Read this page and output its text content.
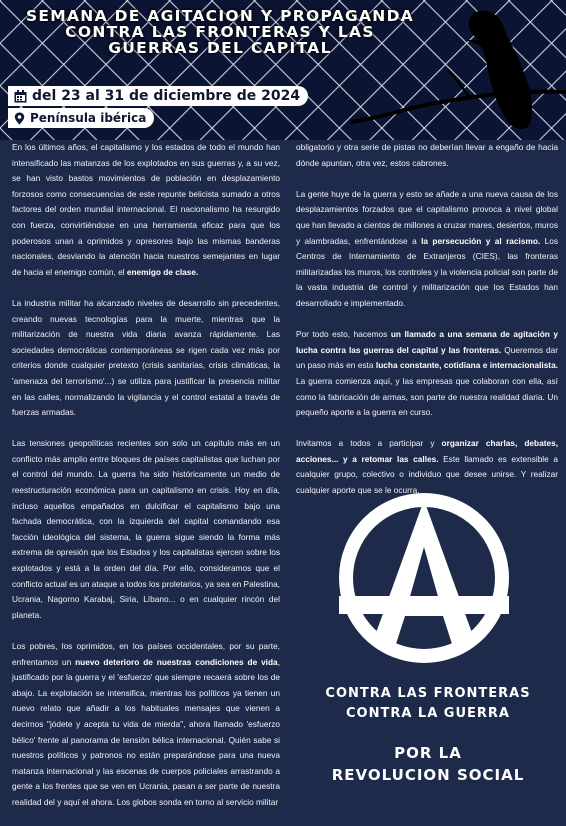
SEMANA DE AGITACION Y PROPAGANDA
CONTRA LAS FRONTERAS Y LAS
GUERRAS DEL CAPITAL
del 23 al 31 de diciembre de 2024
Península ibérica

En los últimos años, el capitalismo y los estados de todo el mundo han intensificado las matanzas de los explotados en sus guerras y, a su vez, se han visto bastos movimientos de población en desplazamiento forzosos como consecuencias de este repunte belicista sumado a otros factores del orden mundial internacional. El nacionalismo ha resurgido con fuerza, convirtiéndose en una herramienta eficaz para que los poderosos unan a oprimidos y opresores bajo las mismas banderas nacionales, desviando la atención hacia nuestros semejantes en lugar de hacia el enemigo común, el enemigo de clase.

La industria militar ha alcanzado niveles de desarrollo sin precedentes, creando nuevas tecnologías para la muerte, mientras que la militarización de nuestra vida diaria avanza rápidamente. Las sociedades democráticas contemporáneas se rigen cada vez más por criterios donde cualquier pretexto (crisis sanitarias, crisis climáticas, la 'amenaza del terrorismo'...) se utiliza para justificar la presencia militar en las calles, normalizando la vigilancia y el control estatal a través de fuerzas armadas.

Las tensiones geopolíticas recientes son solo un capítulo más en un conflicto más amplio entre bloques de países capitalistas que luchan por el control del mundo. La guerra ha sido históricamente un medio de reestructuración económica para un capitalismo en crisis. Hoy en día, incluso aquellos empañados en dulcificar el capitalismo bajo una fachada democrática, con la izquierda del capital comandando esa facción ideológica del sistema, la guerra sigue siendo la forma más extrema de opresión que los Estados y los capitalistas ejercen sobre los explotados y está a la orden del día. Por ello, consideramos que el conflicto actual es un ataque a todos los proletarios, ya sea en Palestina, Ucrania, Nagorno Karabaj, Siria, Líbano... o en cualquier rincón del planeta.

Los pobres, los oprimidos, en los países occidentales, por su parte, enfrentamos un nuevo deterioro de nuestras condiciones de vida, justificado por la guerra y el 'esfuerzo' que siempre recaerá sobre los de abajo. La explotación se intensifica, mientras los políticos ya tienen un nuevo relato que añadir a los habituales mensajes que vienen a decirnos "jódete y acepta tu vida de mierda", ahora llamado 'esfuerzo bélico' frente al panorama de tensión bélica internacional. Quién sabe si nuestros políticos y patronos no están preparándose para una nueva matanza internacional y las escenas de cuerpos policiales arrastrando a gente a los frentes que se ven en Ucrania, pasan a ser parte de nuestra realidad del y aquí el ahora. Los globos sonda en torno al servicio militar

obligatorio y otra serie de pistas no deberían llevar a engaño de hacia dónde apuntan, otra vez, estos cabrones.

La gente huye de la guerra y esto se añade a una nueva causa de los desplazamientos forzados que el capitalismo provoca a nivel global que han llevado a cientos de millones a cruzar mares, desiertos, muros y alambradas, enfrentándose a la persecución y al racismo. Los Centros de Internamiento de Extranjeros (CIES), las fronteras militarizadas los muros, los controles y la violencia policial son parte de la vasta industria de control y militarización que los Estados han desarrollado e implementado.

Por todo esto, hacemos un llamado a una semana de agitación y lucha contra las guerras del capital y las fronteras. Queremos dar un paso más en esta lucha constante, cotidiana e internacionalista. La guerra comienza aquí, y las empresas que colaboran con ella, así como la fabricación de armas, son parte de nuestra realidad diaria. Un pequeño aporte a la guerra en curso.

Invitamos a todos a participar y organizar charlas, debates, acciones... y a retomar las calles. Este llamado es extensible a cualquier grupo, colectivo o individuo que desee unirse. Y realizar cualquier aporte que se le ocurra.

CONTRA LAS FRONTERAS
CONTRA LA GUERRA
POR LA
REVOLUCION SOCIAL
